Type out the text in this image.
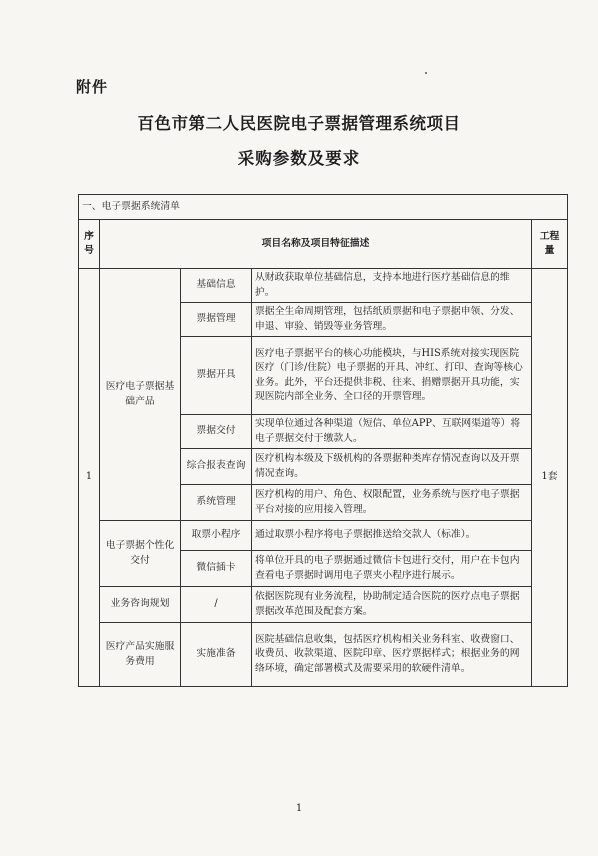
附件
百色市第二人民医院电子票据管理系统项目
采购参数及要求
一、电子票据系统清单				
序号	项目名称及项目特征描述			工程量
1	医疗电子票据基础产品	基础信息	从财政获取单位基础信息，支持本地进行医疗基础信息的维护。	1套
		票据管理	票据全生命周期管理，包括纸质票据和电子票据申领、分发、申退、审验、销毁等业务管理。	
		票据开具	医疗电子票据平台的核心功能模块，与HIS系统对接实现医院医疗（门诊/住院）电子票据的开具、冲红、打印、查询等核心业务。此外，平台还提供非税、往来、捐赠票据开具功能，实现医院内部全业务、全口径的开票管理。	
		票据交付	实现单位通过各种渠道（短信、单位APP、互联网渠道等）将电子票据交付于缴款人。	
		综合报表查询	医疗机构本级及下级机构的各票据种类库存情况查询以及开票情况查询。	
		系统管理	医疗机构的用户、角色、权限配置，业务系统与医疗电子票据平台对接的应用接入管理。	
	电子票据个性化交付	取票小程序	通过取票小程序将电子票据推送给交款人（标准）。	
		微信插卡	将单位开具的电子票据通过微信卡包进行交付，用户在卡包内查看电子票据时调用电子票夹小程序进行展示。	
	业务咨询规划	/	依据医院现有业务流程，协助制定适合医院的医疗点电子票据票据改革范围及配套方案。	
	医疗产品实施服务费用	实施准备	医院基础信息收集，包括医疗机构相关业务科室、收费窗口、收费员、收款渠道、医院印章、医疗票据样式；根据业务的网络环境，确定部署模式及需要采用的软硬件清单。	
1
